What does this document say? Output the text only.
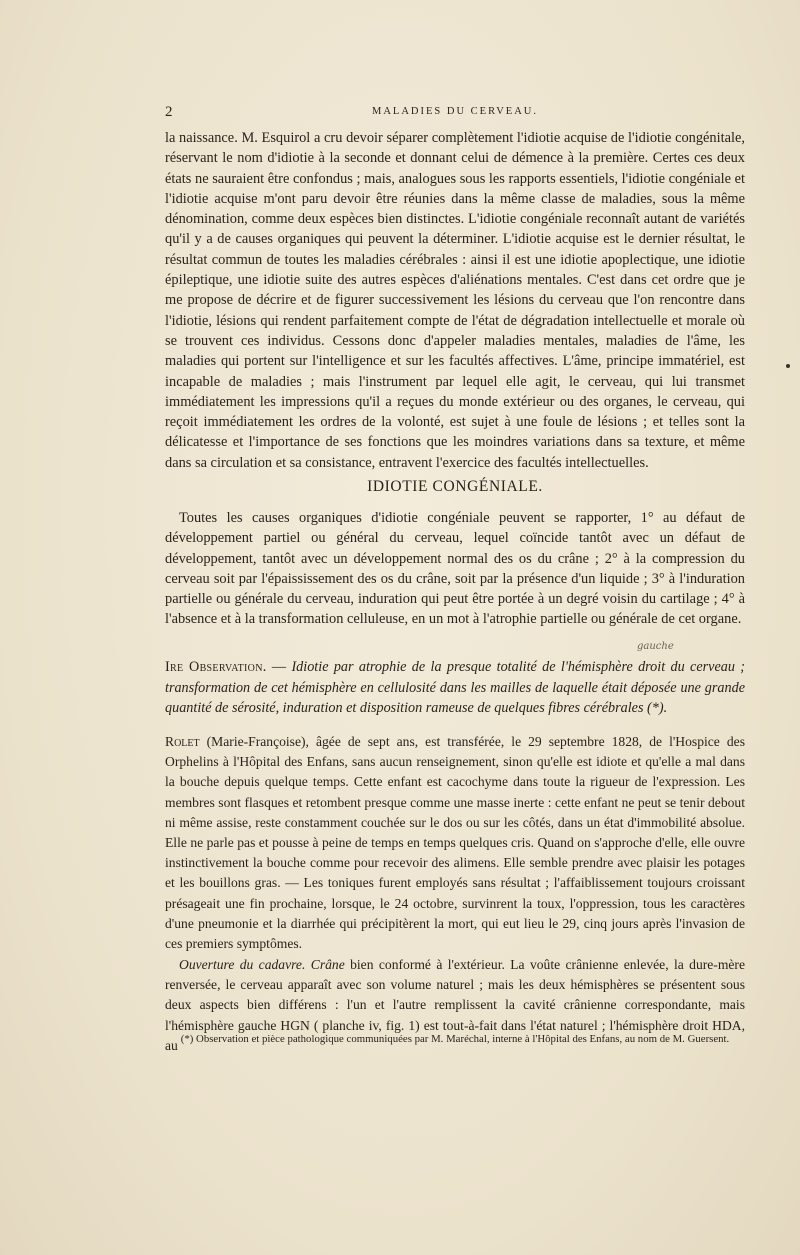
2	MALADIES DU CERVEAU.
la naissance. M. Esquirol a cru devoir séparer complètement l'idiotie acquise de l'idiotie congénitale, réservant le nom d'idiotie à la seconde et donnant celui de démence à la première. Certes ces deux états ne sauraient être confondus ; mais, analogues sous les rapports essentiels, l'idiotie congéniale et l'idiotie acquise m'ont paru devoir être réunies dans la même classe de maladies, sous la même dénomination, comme deux espèces bien distinctes. L'idiotie congéniale reconnaît autant de variétés qu'il y a de causes organiques qui peuvent la déterminer. L'idiotie acquise est le dernier résultat, le résultat commun de toutes les maladies cérébrales : ainsi il est une idiotie apoplectique, une idiotie épileptique, une idiotie suite des autres espèces d'aliénations mentales. C'est dans cet ordre que je me propose de décrire et de figurer successivement les lésions du cerveau que l'on rencontre dans l'idiotie, lésions qui rendent parfaitement compte de l'état de dégradation intellectuelle et morale où se trouvent ces individus. Cessons donc d'appeler maladies mentales, maladies de l'âme, les maladies qui portent sur l'intelligence et sur les facultés affectives. L'âme, principe immatériel, est incapable de maladies ; mais l'instrument par lequel elle agit, le cerveau, qui lui transmet immédiatement les impressions qu'il a reçues du monde extérieur ou des organes, le cerveau, qui reçoit immédiatement les ordres de la volonté, est sujet à une foule de lésions ; et telles sont la délicatesse et l'importance de ses fonctions que les moindres variations dans sa texture, et même dans sa circulation et sa consistance, entravent l'exercice des facultés intellectuelles.
IDIOTIE CONGÉNIALE.
Toutes les causes organiques d'idiotie congéniale peuvent se rapporter, 1° au défaut de développement partiel ou général du cerveau, lequel coïncide tantôt avec un défaut de développement, tantôt avec un développement normal des os du crâne ; 2° à la compression du cerveau soit par l'épaississement des os du crâne, soit par la présence d'un liquide ; 3° à l'induration partielle ou générale du cerveau, induration qui peut être portée à un degré voisin du cartilage ; 4° à l'absence et à la transformation celluleuse, en un mot à l'atrophie partielle ou générale de cet organe.
gauche
Ire Observation. — Idiotie par atrophie de la presque totalité de l'hémisphère droit du cerveau ; transformation de cet hémisphère en cellulosité dans les mailles de laquelle était déposée une grande quantité de sérosité, induration et disposition rameuse de quelques fibres cérébrales (*).
Rolet (Marie-Françoise), âgée de sept ans, est transférée, le 29 septembre 1828, de l'Hospice des Orphelins à l'Hôpital des Enfans, sans aucun renseignement, sinon qu'elle est idiote et qu'elle a mal dans la bouche depuis quelque temps. Cette enfant est cacochyme dans toute la rigueur de l'expression. Les membres sont flasques et retombent presque comme une masse inerte : cette enfant ne peut se tenir debout ni même assise, reste constamment couchée sur le dos ou sur les côtés, dans un état d'immobilité absolue. Elle ne parle pas et pousse à peine de temps en temps quelques cris. Quand on s'approche d'elle, elle ouvre instinctivement la bouche comme pour recevoir des alimens. Elle semble prendre avec plaisir les potages et les bouillons gras. — Les toniques furent employés sans résultat ; l'affaiblissement toujours croissant présageait une fin prochaine, lorsque, le 24 octobre, survinrent la toux, l'oppression, tous les caractères d'une pneumonie et la diarrhée qui précipitèrent la mort, qui eut lieu le 29, cinq jours après l'invasion de ces premiers symptômes.
Ouverture du cadavre. Crâne bien conformé à l'extérieur. La voûte crânienne enlevée, la dure-mère renversée, le cerveau apparaît avec son volume naturel ; mais les deux hémisphères se présentent sous deux aspects bien différens : l'un et l'autre remplissent la cavité crânienne correspondante, mais l'hémisphère gauche HGN ( planche iv, fig. 1) est tout-à-fait dans l'état naturel ; l'hémisphère droit HDA, au (*) Observation et pièce pathologique communiquées par M. Maréchal, interne à l'Hôpital des Enfans, au nom de M. Guersent.
